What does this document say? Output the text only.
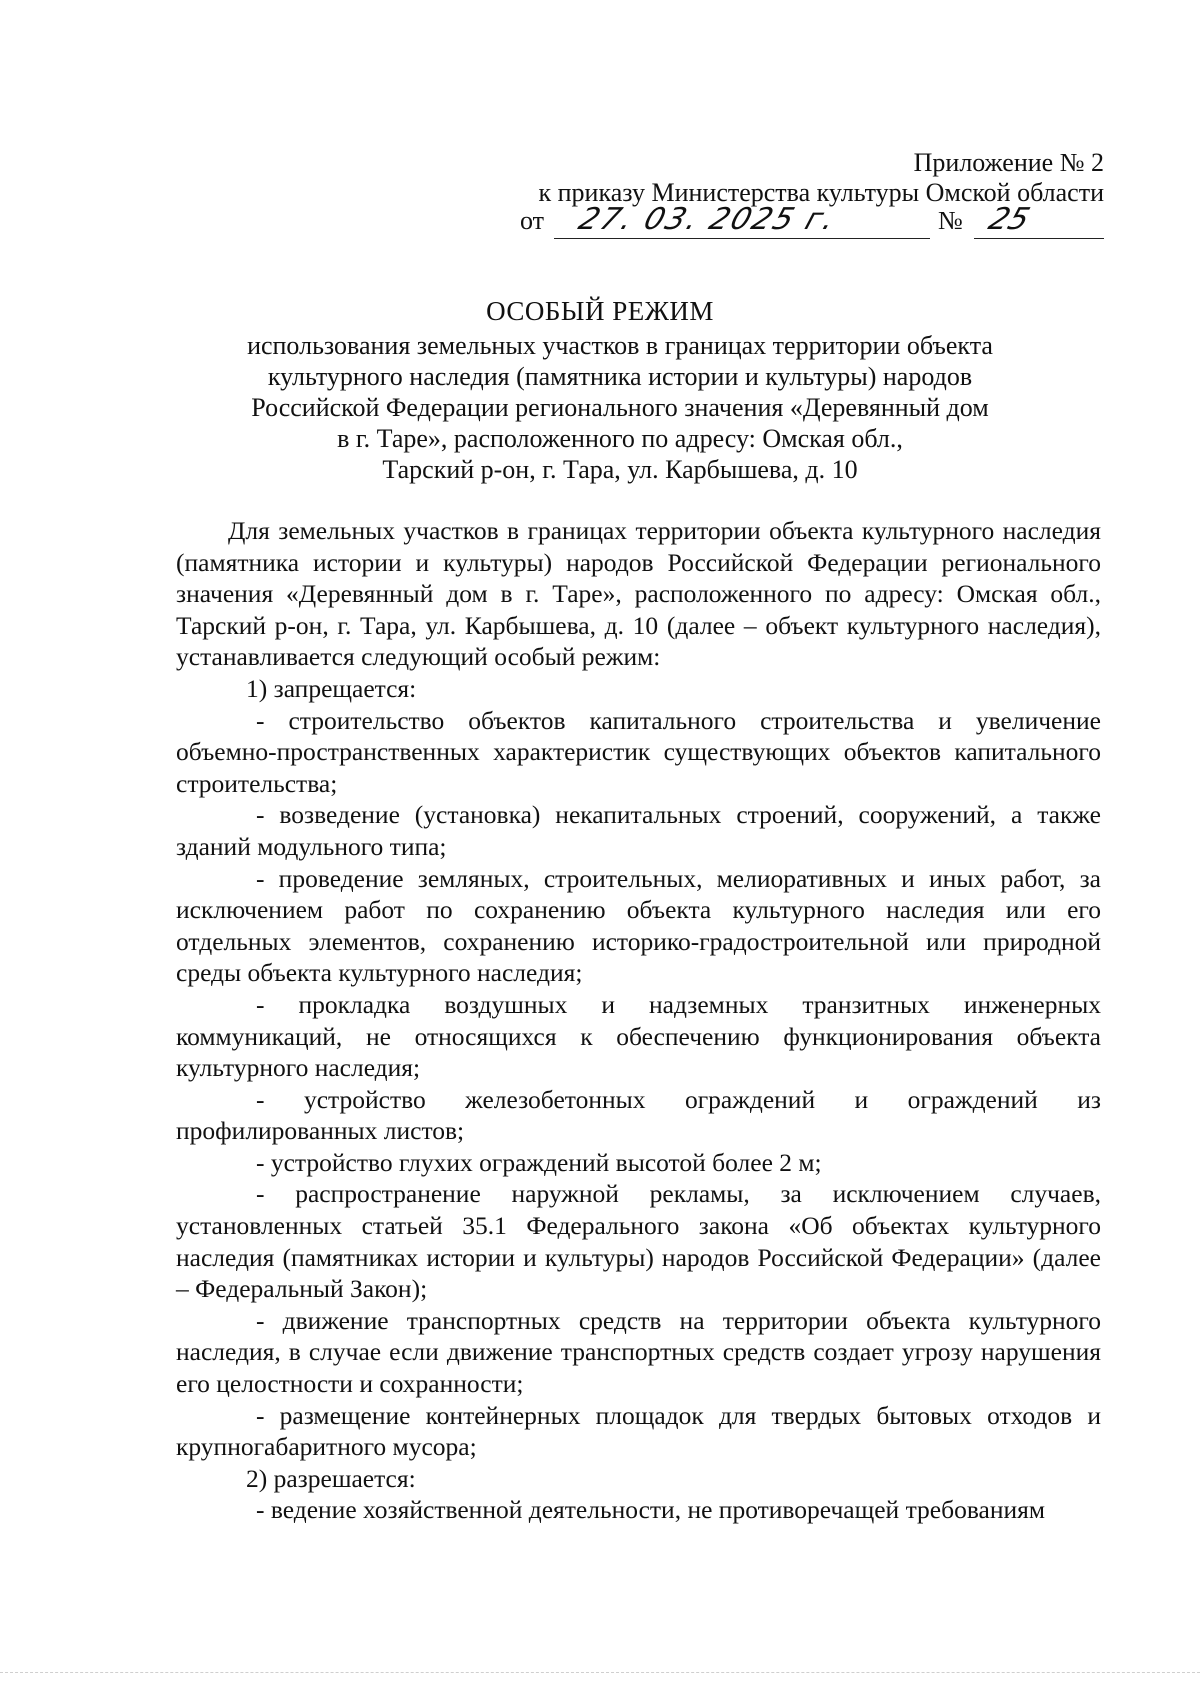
Приложение № 2
к приказу Министерства культуры Омской области
от 27. 03. 2025 г.	№ 25
ОСОБЫЙ РЕЖИМ
использования земельных участков в границах территории объекта
культурного наследия (памятника истории и культуры) народов
Российской Федерации регионального значения «Деревянный дом
в г. Таре», расположенного по адресу: Омская обл.,
Тарский р-он, г. Тара, ул. Карбышева, д. 10

Для земельных участков в границах территории объекта культурного наследия (памятника истории и культуры) народов Российской Федерации регионального значения «Деревянный дом в г. Таре», расположенного по адресу: Омская обл., Тарский р-он, г. Тара, ул. Карбышева, д. 10 (далее – объект культурного наследия), устанавливается следующий особый режим:

1) запрещается:

- строительство объектов капитального строительства и увеличение объемно-пространственных характеристик существующих объектов капитального строительства;

- возведение (установка) некапитальных строений, сооружений, а также зданий модульного типа;

- проведение земляных, строительных, мелиоративных и иных работ, за исключением работ по сохранению объекта культурного наследия или его отдельных элементов, сохранению историко-градостроительной или природной среды объекта культурного наследия;

- прокладка воздушных и надземных транзитных инженерных коммуникаций, не относящихся к обеспечению функционирования объекта культурного наследия;

- устройство железобетонных ограждений и ограждений из профилированных листов;

- устройство глухих ограждений высотой более 2 м;

- распространение наружной рекламы, за исключением случаев, установленных статьей 35.1 Федерального закона «Об объектах культурного наследия (памятниках истории и культуры) народов Российской Федерации» (далее – Федеральный Закон);

- движение транспортных средств на территории объекта культурного наследия, в случае если движение транспортных средств создает угрозу нарушения его целостности и сохранности;

- размещение контейнерных площадок для твердых бытовых отходов и крупногабаритного мусора;

2) разрешается:

- ведение хозяйственной деятельности, не противоречащей требованиям
